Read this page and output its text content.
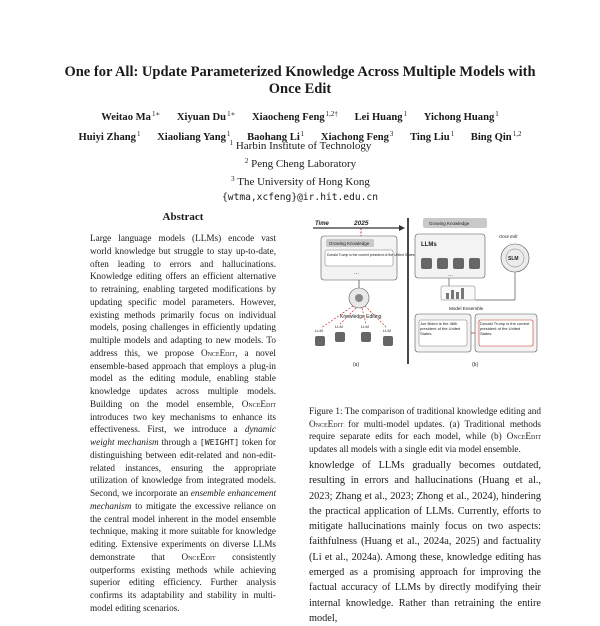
One for All: Update Parameterized Knowledge Across Multiple Models with Once Edit
Weitao $Ma^{1∗}$ Xiyuan $Du^{1∗}$ Xiaocheng Feng$^{1,2\dagger}$ Lei Huang$^1$ Yichong Huang$^1$
Huiyi Zhang$^1$ Xiaoliang Yang$^1$ Baohang Li$^1$ Xiachong Feng$^3$ Ting Liu$^1$ Bing Qin$^{1,2}$
$^1$ Harbin Institute of Technology
$^2$ Peng Cheng Laboratory
$^3$ The University of Hong Kong
{wtma,xcfeng}@ir.hit.edu.cn
Abstract
Large language models (LLMs) encode vast world knowledge but struggle to stay up-to-date, often leading to errors and hallucinations. Knowledge editing offers an efficient alternative to retraining, enabling targeted modifications by updating specific model parameters. However, existing methods primarily focus on individual models, posing challenges in efficiently updating multiple models and adapting to new models. To address this, we propose OnceEdit, a novel ensemble-based approach that employs a plug-in model as the editing module, enabling stable knowledge updates across multiple models. Building on the model ensemble, OnceEdit introduces two key mechanisms to enhance its effectiveness. First, we introduce a dynamic weight mechanism through a [WEIGHT] token for distinguishing between edit-related and non-edit-related instances, ensuring the appropriate utilization of knowledge from integrated models. Second, we incorporate an ensemble enhancement mechanism to mitigate the excessive reliance on the central model inherent in the model ensemble technique, making it more suitable for knowledge editing. Extensive experiments on diverse LLMs demonstrate that OnceEdit consistently outperforms existing methods while achieving superior editing efficiency. Further analysis confirms its adaptability and stability in multi-model editing scenarios.
Time	2025
Growing Knowledge
Donald Trump is the current president of the United States.
...
Knowledge Editing
LLM
LLM	LLM
LLM
(a)
Growing Knowledge
Once Edit
LLMs
...
SLM
Model Ensemble
Joe Biden is the 46th president of the United States.
Donald Trump is the current president of the United States.
(b)
Figure 1: The comparison of traditional knowledge editing and OnceEdit for multi-model updates. (a) Traditional methods require separate edits for each model, while (b) OnceEdit updates all models with a single edit via model ensemble.
knowledge of LLMs gradually becomes outdated, resulting in errors and hallucinations (Huang et al., 2023; Zhang et al., 2023; Zhong et al., 2024), hindering the practical application of LLMs. Currently, efforts to mitigate hallucinations mainly focus on two aspects: faithfulness (Huang et al., 2024a, 2025) and factuality (Li et al., 2024a). Among these, knowledge editing has emerged as a promising approach for improving the factual accuracy of LLMs by directly modifying their internal knowledge. Rather than retraining the entire model,
